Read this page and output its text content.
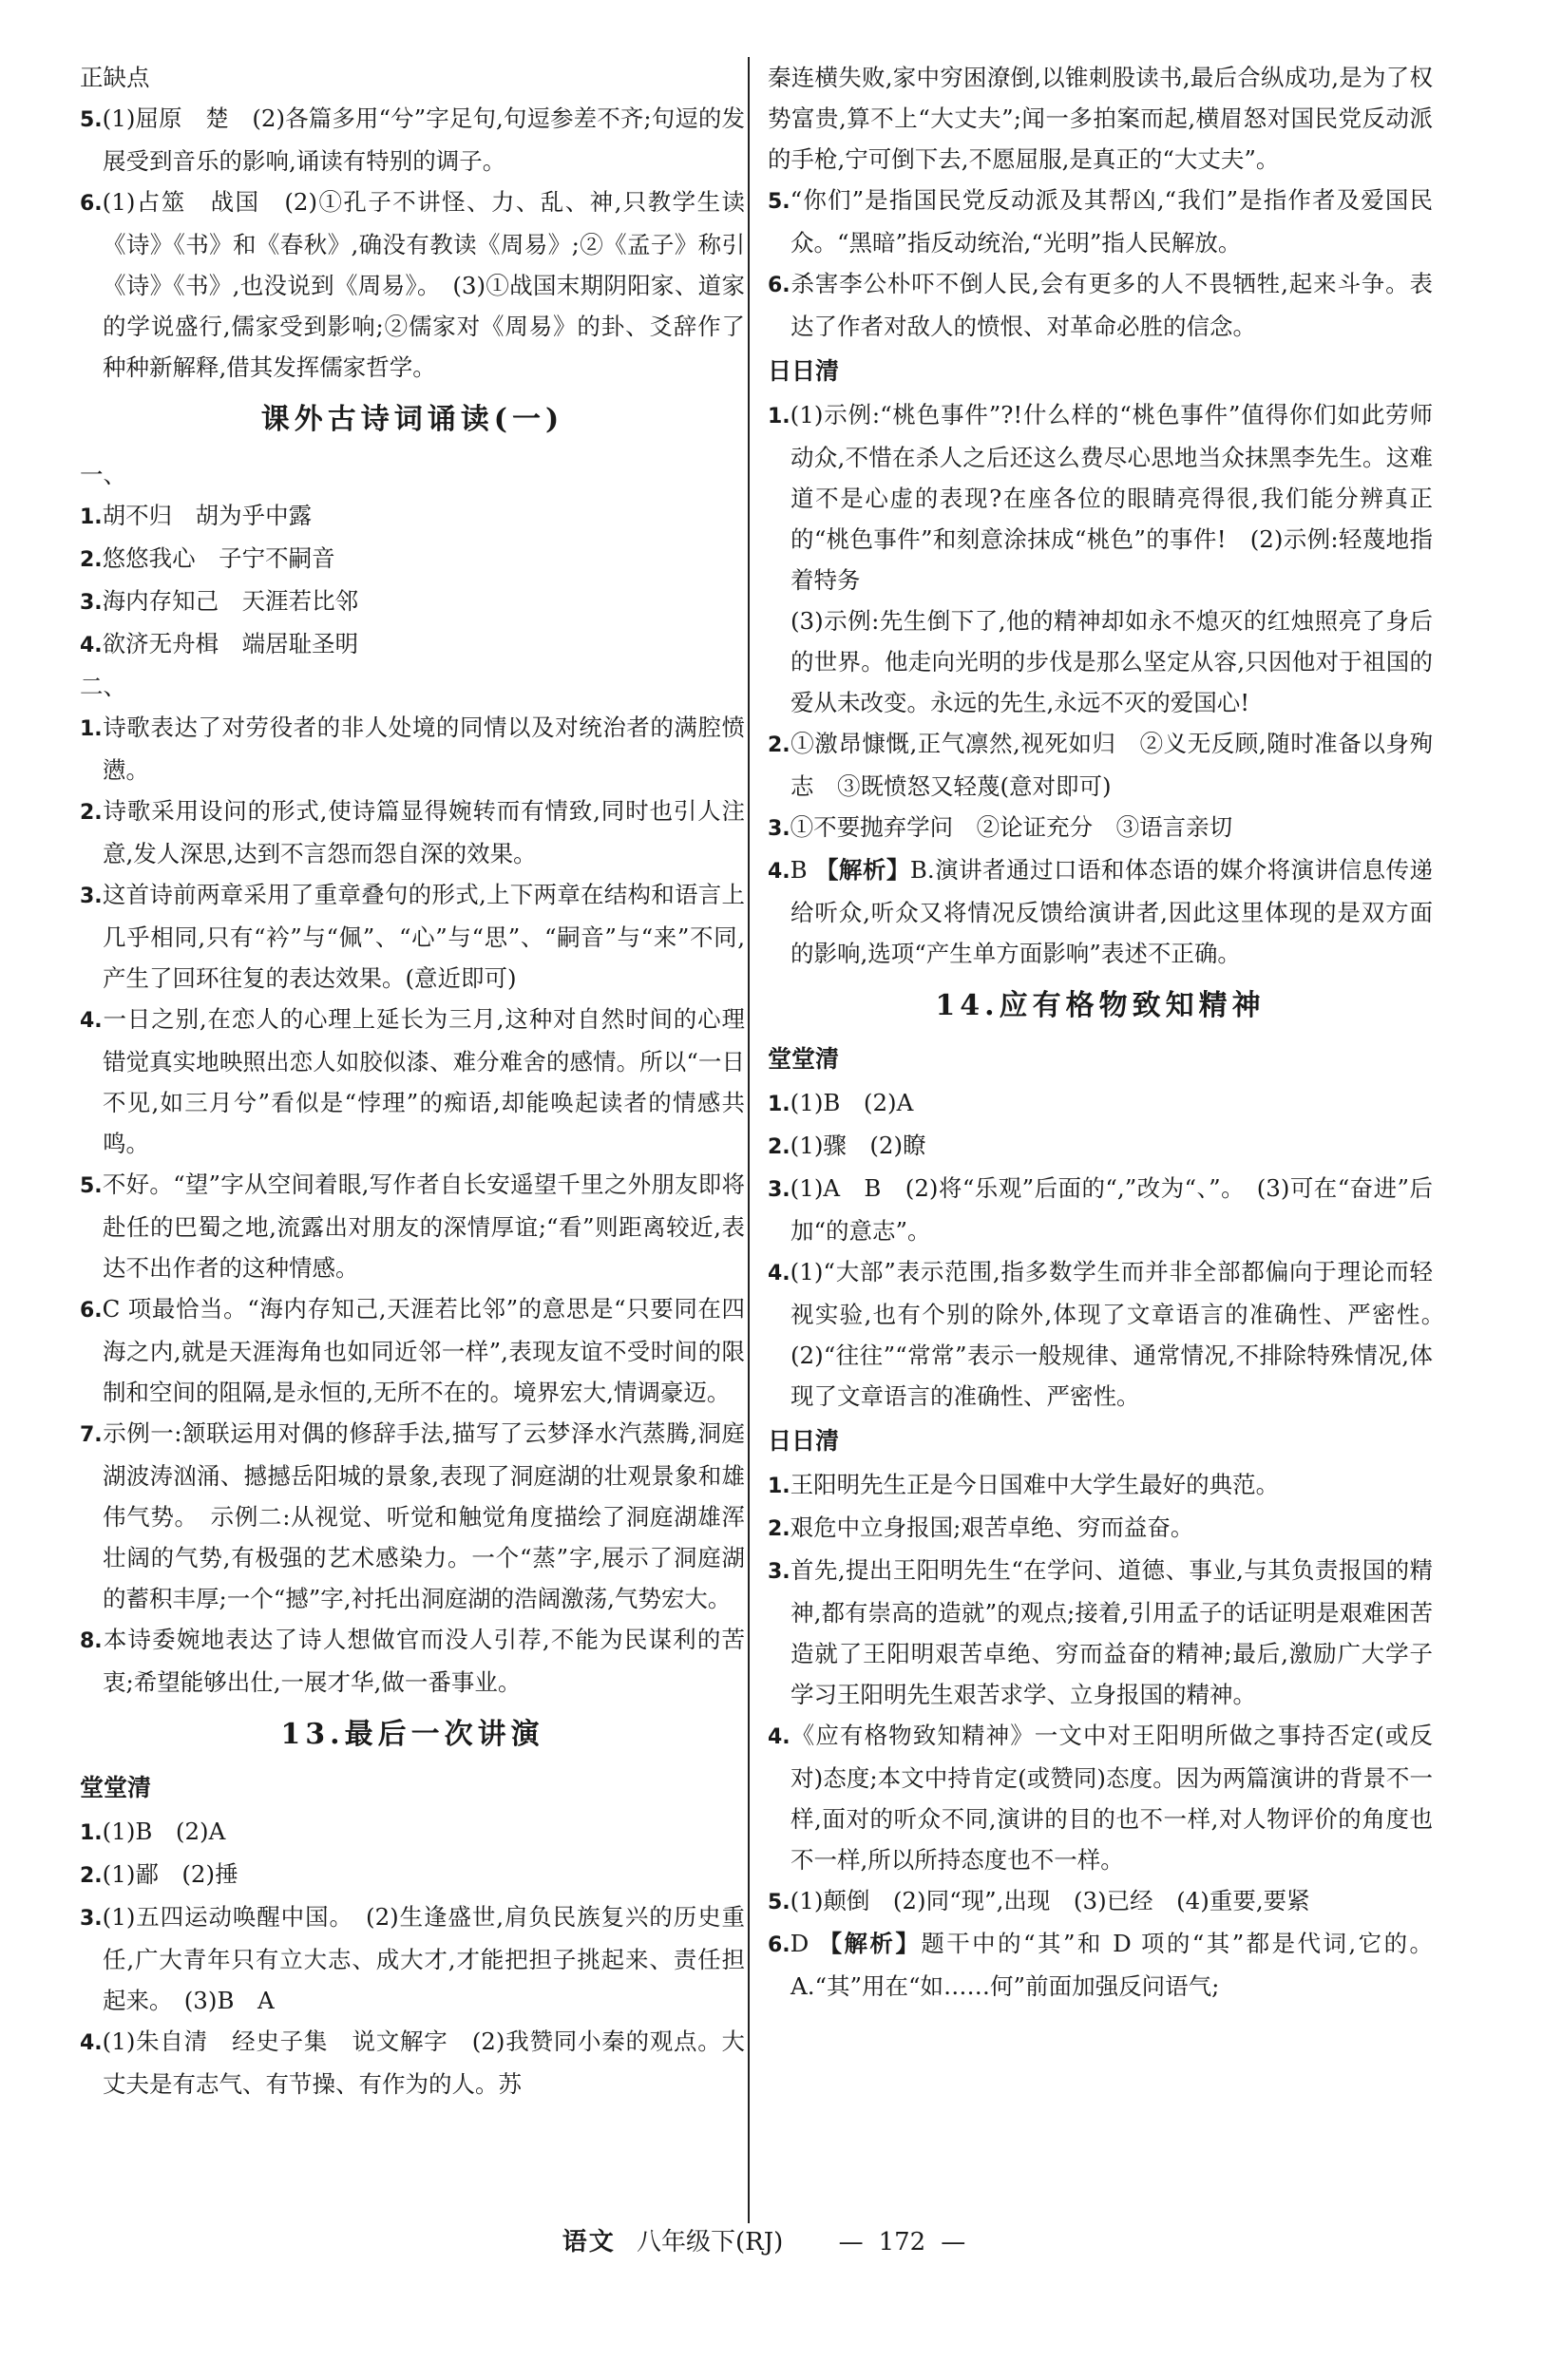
正缺点

5.(1)屈原　楚　(2)各篇多用“兮”字足句,句逗参差不齐;句逗的发展受到音乐的影响,诵读有特别的调子。

6.(1)占筮　战国　(2)①孔子不讲怪、力、乱、神,只教学生读《诗》《书》和《春秋》,确没有教读《周易》;②《孟子》称引《诗》《书》,也没说到《周易》。　(3)①战国末期阴阳家、道家的学说盛行,儒家受到影响;②儒家对《周易》的卦、爻辞作了种种新解释,借其发挥儒家哲学。

课外古诗词诵读(一)

一、

1.胡不归　胡为乎中露

2.悠悠我心　子宁不嗣音

3.海内存知己　天涯若比邻

4.欲济无舟楫　端居耻圣明

二、

1.诗歌表达了对劳役者的非人处境的同情以及对统治者的满腔愤懑。

2.诗歌采用设问的形式,使诗篇显得婉转而有情致,同时也引人注意,发人深思,达到不言怨而怨自深的效果。

3.这首诗前两章采用了重章叠句的形式,上下两章在结构和语言上几乎相同,只有“衿”与“佩”、“心”与“思”、“嗣音”与“来”不同,产生了回环往复的表达效果。(意近即可)

4.一日之别,在恋人的心理上延长为三月,这种对自然时间的心理错觉真实地映照出恋人如胶似漆、难分难舍的感情。所以“一日不见,如三月兮”看似是“悖理”的痴语,却能唤起读者的情感共鸣。

5.不好。“望”字从空间着眼,写作者自长安遥望千里之外朋友即将赴任的巴蜀之地,流露出对朋友的深情厚谊;“看”则距离较近,表达不出作者的这种情感。

6.C 项最恰当。“海内存知己,天涯若比邻”的意思是“只要同在四海之内,就是天涯海角也如同近邻一样”,表现友谊不受时间的限制和空间的阻隔,是永恒的,无所不在的。境界宏大,情调豪迈。

7.示例一:颔联运用对偶的修辞手法,描写了云梦泽水汽蒸腾,洞庭湖波涛汹涌、撼撼岳阳城的景象,表现了洞庭湖的壮观景象和雄伟气势。　示例二:从视觉、听觉和触觉角度描绘了洞庭湖雄浑壮阔的气势,有极强的艺术感染力。一个“蒸”字,展示了洞庭湖的蓄积丰厚;一个“撼”字,衬托出洞庭湖的浩阔激荡,气势宏大。

8.本诗委婉地表达了诗人想做官而没人引荐,不能为民谋利的苦衷;希望能够出仕,一展才华,做一番事业。

13.最后一次讲演
堂堂清

1.(1)B　(2)A

2.(1)鄙　(2)捶

3.(1)五四运动唤醒中国。　(2)生逢盛世,肩负民族复兴的历史重任,广大青年只有立大志、成大才,才能把担子挑起来、责任担起来。　(3)B　A

4.(1)朱自清　经史子集　说文解字　(2)我赞同小秦的观点。大丈夫是有志气、有节操、有作为的人。苏

秦连横失败,家中穷困潦倒,以锥刺股读书,最后合纵成功,是为了权势富贵,算不上“大丈夫”;闻一多拍案而起,横眉怒对国民党反动派的手枪,宁可倒下去,不愿屈服,是真正的“大丈夫”。

5.“你们”是指国民党反动派及其帮凶,“我们”是指作者及爱国民众。“黑暗”指反动统治,“光明”指人民解放。

6.杀害李公朴吓不倒人民,会有更多的人不畏牺牲,起来斗争。表达了作者对敌人的愤恨、对革命必胜的信念。

日日清

1.(1)示例:“桃色事件”?!什么样的“桃色事件”值得你们如此劳师动众,不惜在杀人之后还这么费尽心思地当众抹黑李先生。这难道不是心虚的表现?在座各位的眼睛亮得很,我们能分辨真正的“桃色事件”和刻意涂抹成“桃色”的事件!　(2)示例:轻蔑地指着特务

(3)示例:先生倒下了,他的精神却如永不熄灭的红烛照亮了身后的世界。他走向光明的步伐是那么坚定从容,只因他对于祖国的爱从未改变。永远的先生,永远不灭的爱国心!

2.①激昂慷慨,正气凛然,视死如归　②义无反顾,随时准备以身殉志　③既愤怒又轻蔑(意对即可)

3.①不要抛弃学问　②论证充分　③语言亲切

4.B 【解析】B.演讲者通过口语和体态语的媒介将演讲信息传递给听众,听众又将情况反馈给演讲者,因此这里体现的是双方面的影响,选项“产生单方面影响”表述不正确。

14.应有格物致知精神
堂堂清

1.(1)B　(2)A

2.(1)骤　(2)瞭

3.(1)A　B　(2)将“乐观”后面的“,”改为“、”。　(3)可在“奋进”后加“的意志”。

4.(1)“大部”表示范围,指多数学生而并非全部都偏向于理论而轻视实验,也有个别的除外,体现了文章语言的准确性、严密性。　(2)“往往”“常常”表示一般规律、通常情况,不排除特殊情况,体现了文章语言的准确性、严密性。

日日清

1.王阳明先生正是今日国难中大学生最好的典范。

2.艰危中立身报国;艰苦卓绝、穷而益奋。

3.首先,提出王阳明先生“在学问、道德、事业,与其负责报国的精神,都有崇高的造就”的观点;接着,引用孟子的话证明是艰难困苦造就了王阳明艰苦卓绝、穷而益奋的精神;最后,激励广大学子学习王阳明先生艰苦求学、立身报国的精神。

4.《应有格物致知精神》一文中对王阳明所做之事持否定(或反对)态度;本文中持肯定(或赞同)态度。因为两篇演讲的背景不一样,面对的听众不同,演讲的目的也不一样,对人物评价的角度也不一样,所以所持态度也不一样。

5.(1)颠倒　(2)同“现”,出现　(3)已经　(4)重要,要紧

6.D 【解析】题干中的“其”和 D 项的“其”都是代词,它的。A.“其”用在“如……何”前面加强反问语气;

语文 八年级下(RJ) — 172 —
